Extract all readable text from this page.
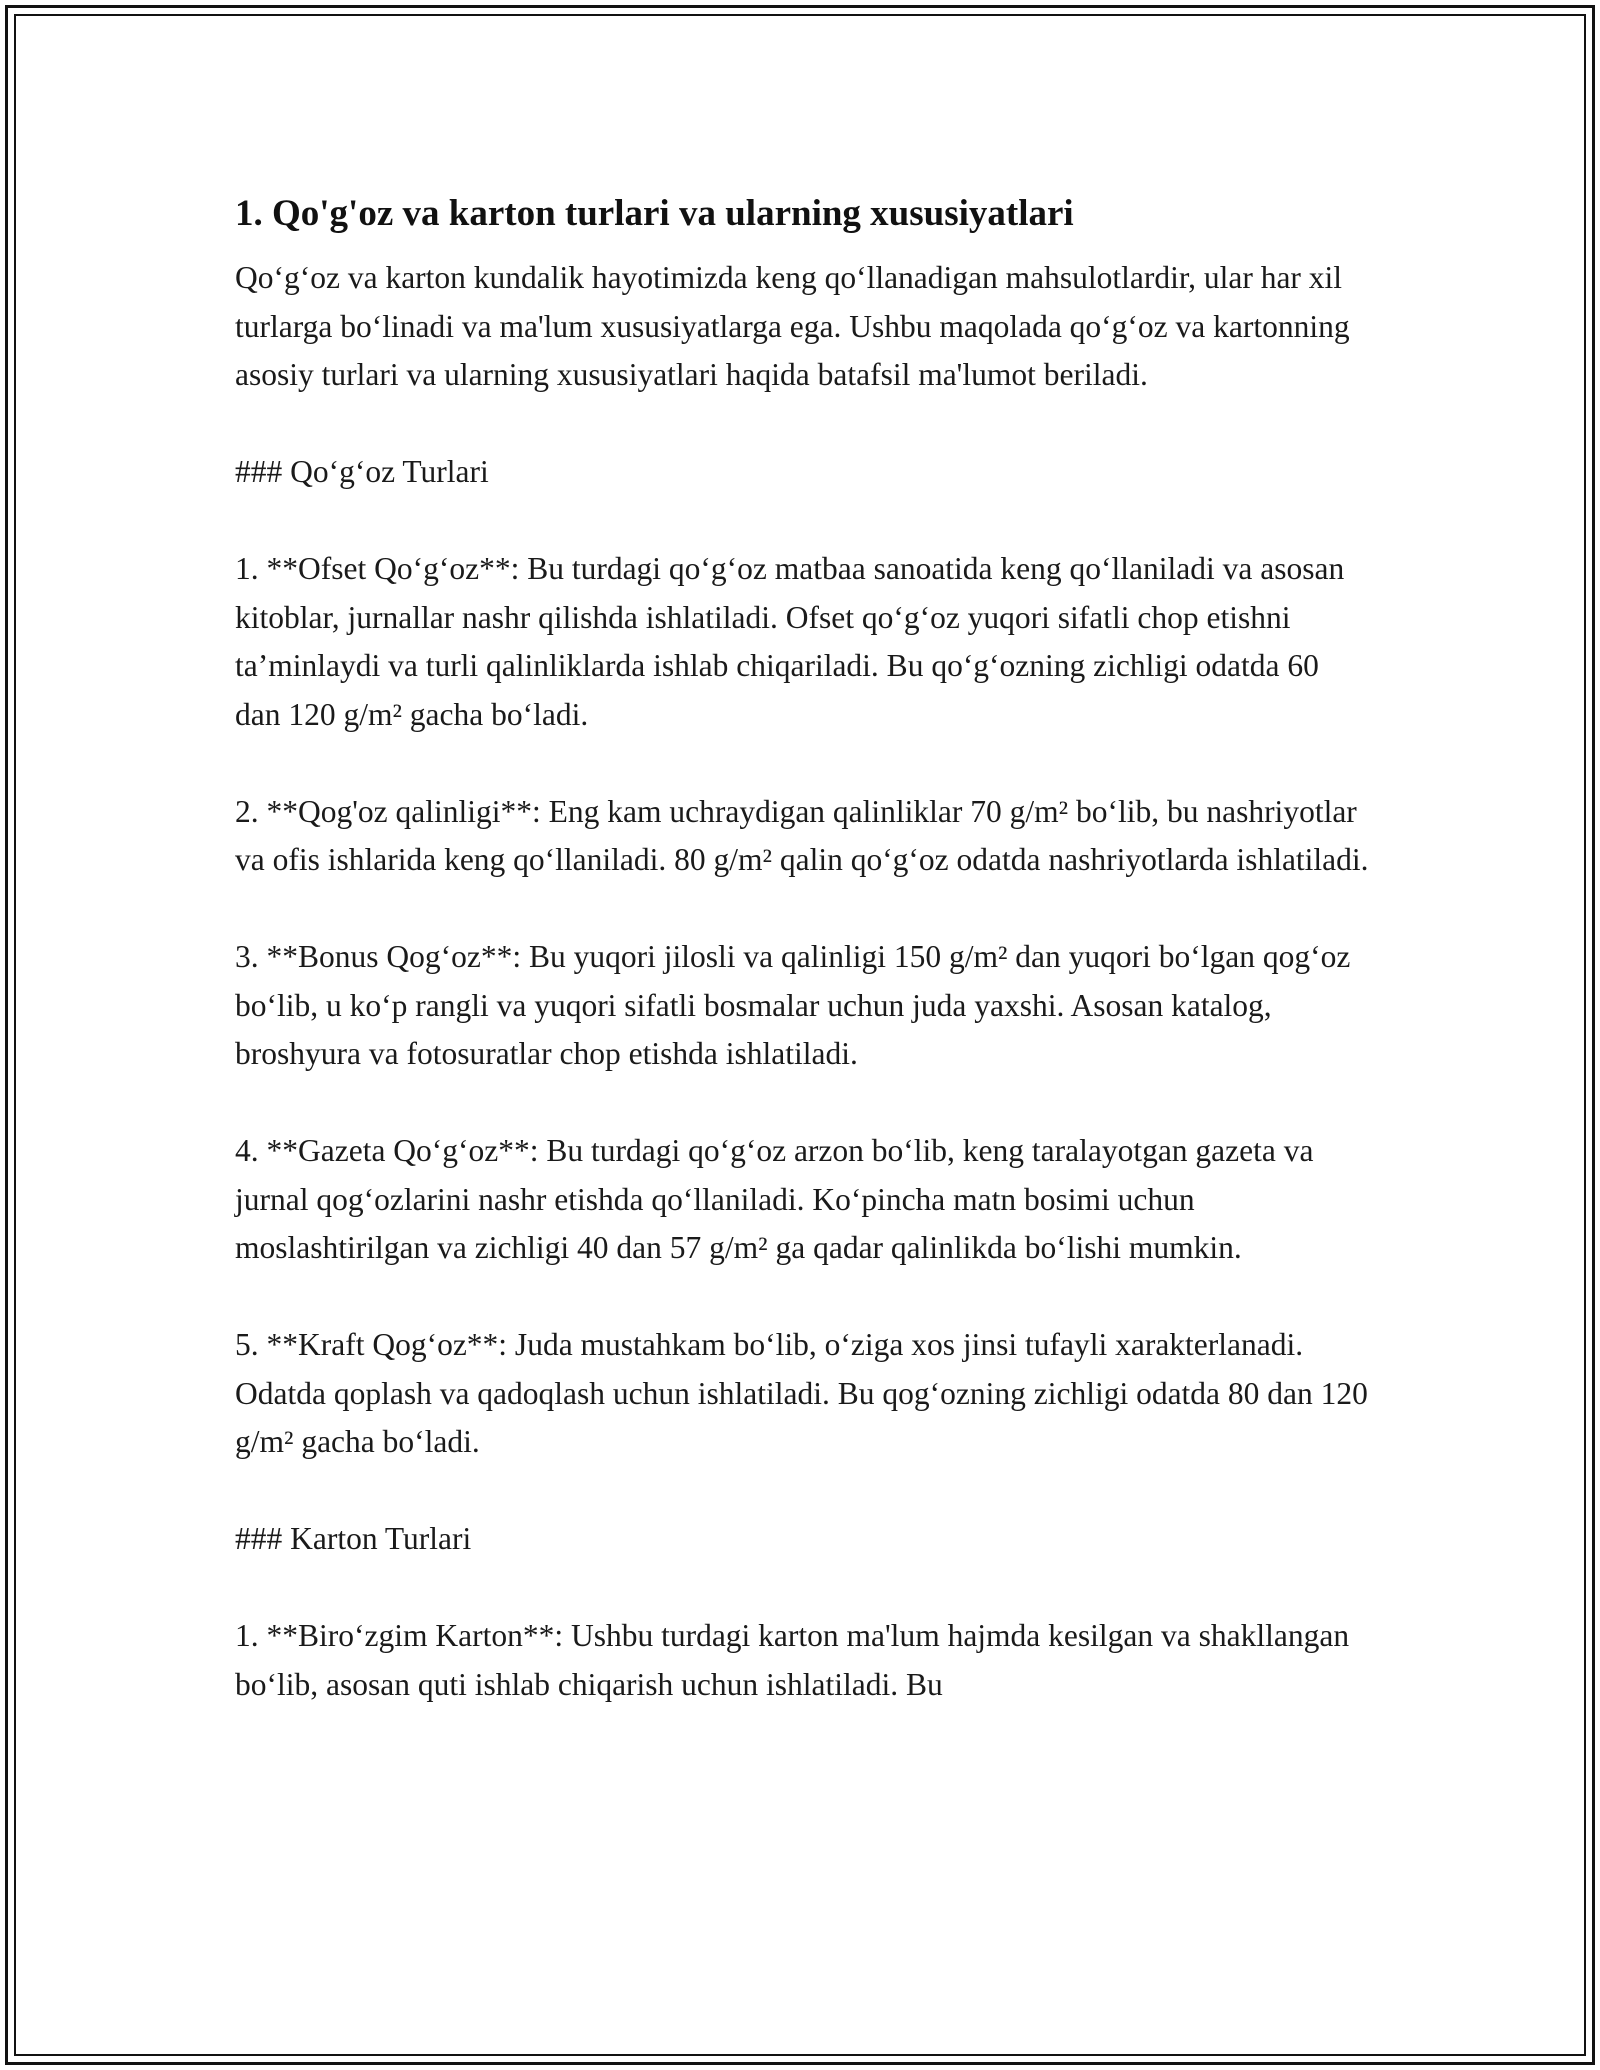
1. Qo'g'oz va karton turlari va ularning xususiyatlari

Qo‘g‘oz va karton kundalik hayotimizda keng qo‘llanadigan mahsulotlardir, ular har xil turlarga bo‘linadi va ma'lum xususiyatlarga ega. Ushbu maqolada qo‘g‘oz va kartonning asosiy turlari va ularning xususiyatlari haqida batafsil ma'lumot beriladi.

### Qo‘g‘oz Turlari

1. **Ofset Qo‘g‘oz**: Bu turdagi qo‘g‘oz matbaa sanoatida keng qo‘llaniladi va asosan kitoblar, jurnallar nashr qilishda ishlatiladi. Ofset qo‘g‘oz yuqori sifatli chop etishni ta’minlaydi va turli qalinliklarda ishlab chiqariladi. Bu qo‘g‘ozning zichligi odatda 60 dan 120 g/m² gacha bo‘ladi.

2. **Qog'oz qalinligi**: Eng kam uchraydigan qalinliklar 70 g/m² bo‘lib, bu nashriyotlar va ofis ishlarida keng qo‘llaniladi. 80 g/m² qalin qo‘g‘oz odatda nashriyotlarda ishlatiladi.

3. **Bonus Qog‘oz**: Bu yuqori jilosli va qalinligi 150 g/m² dan yuqori bo‘lgan qog‘oz bo‘lib, u ko‘p rangli va yuqori sifatli bosmalar uchun juda yaxshi. Asosan katalog, broshyura va fotosuratlar chop etishda ishlatiladi.

4. **Gazeta Qo‘g‘oz**: Bu turdagi qo‘g‘oz arzon bo‘lib, keng taralayotgan gazeta va jurnal qog‘ozlarini nashr etishda qo‘llaniladi. Ko‘pincha matn bosimi uchun moslashtirilgan va zichligi 40 dan 57 g/m² ga qadar qalinlikda bo‘lishi mumkin.

5. **Kraft Qog‘oz**: Juda mustahkam bo‘lib, o‘ziga xos jinsi tufayli xarakterlanadi. Odatda qoplash va qadoqlash uchun ishlatiladi. Bu qog‘ozning zichligi odatda 80 dan 120 g/m² gacha bo‘ladi.

### Karton Turlari

1. **Biro‘zgim Karton**: Ushbu turdagi karton ma'lum hajmda kesilgan va shakllangan bo‘lib, asosan quti ishlab chiqarish uchun ishlatiladi. Bu
